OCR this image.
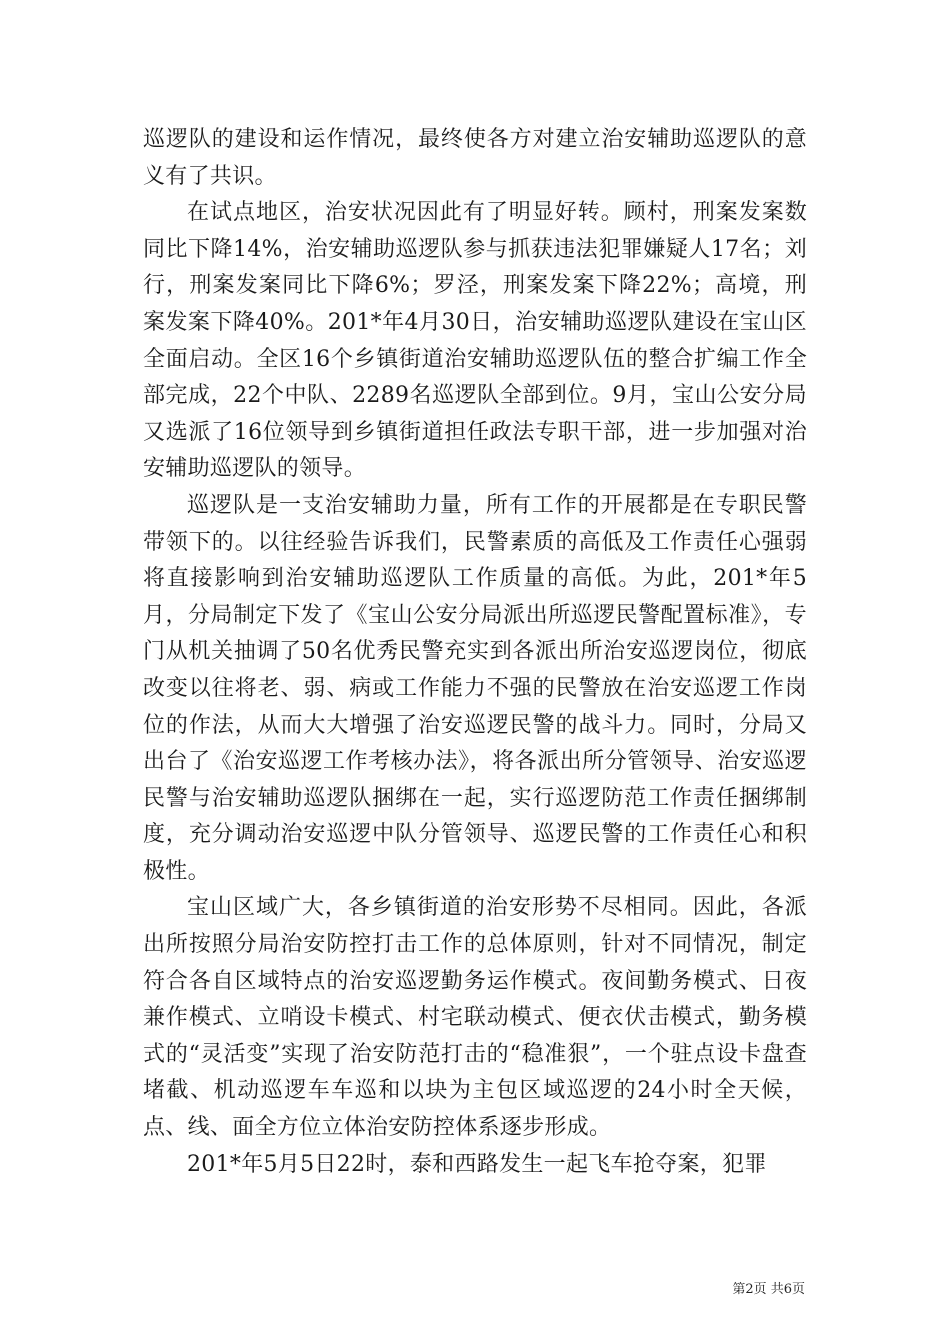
巡逻队的建设和运作情况，最终使各方对建立治安辅助巡逻队的意义有了共识。

在试点地区，治安状况因此有了明显好转。顾村，刑案发案数同比下降14%，治安辅助巡逻队参与抓获违法犯罪嫌疑人17名；刘行，刑案发案同比下降6%；罗泾，刑案发案下降22%；高境，刑案发案下降40%。201*年4月30日，治安辅助巡逻队建设在宝山区全面启动。全区16个乡镇街道治安辅助巡逻队伍的整合扩编工作全部完成，22个中队、2289名巡逻队全部到位。9月，宝山公安分局又选派了16位领导到乡镇街道担任政法专职干部，进一步加强对治安辅助巡逻队的领导。

巡逻队是一支治安辅助力量，所有工作的开展都是在专职民警带领下的。以往经验告诉我们，民警素质的高低及工作责任心强弱将直接影响到治安辅助巡逻队工作质量的高低。为此，201*年5月，分局制定下发了《宝山公安分局派出所巡逻民警配置标准》，专门从机关抽调了50名优秀民警充实到各派出所治安巡逻岗位，彻底改变以往将老、弱、病或工作能力不强的民警放在治安巡逻工作岗位的作法，从而大大增强了治安巡逻民警的战斗力。同时，分局又出台了《治安巡逻工作考核办法》，将各派出所分管领导、治安巡逻民警与治安辅助巡逻队捆绑在一起，实行巡逻防范工作责任捆绑制度，充分调动治安巡逻中队分管领导、巡逻民警的工作责任心和积极性。

宝山区域广大，各乡镇街道的治安形势不尽相同。因此，各派出所按照分局治安防控打击工作的总体原则，针对不同情况，制定符合各自区域特点的治安巡逻勤务运作模式。夜间勤务模式、日夜兼作模式、立哨设卡模式、村宅联动模式、便衣伏击模式，勤务模式的“灵活变”实现了治安防范打击的“稳准狠”，一个驻点设卡盘查堵截、机动巡逻车车巡和以块为主包区域巡逻的24小时全天候，点、线、面全方位立体治安防控体系逐步形成。

201*年5月5日22时，泰和西路发生一起飞车抢夺案，犯罪

第2页 共6页
